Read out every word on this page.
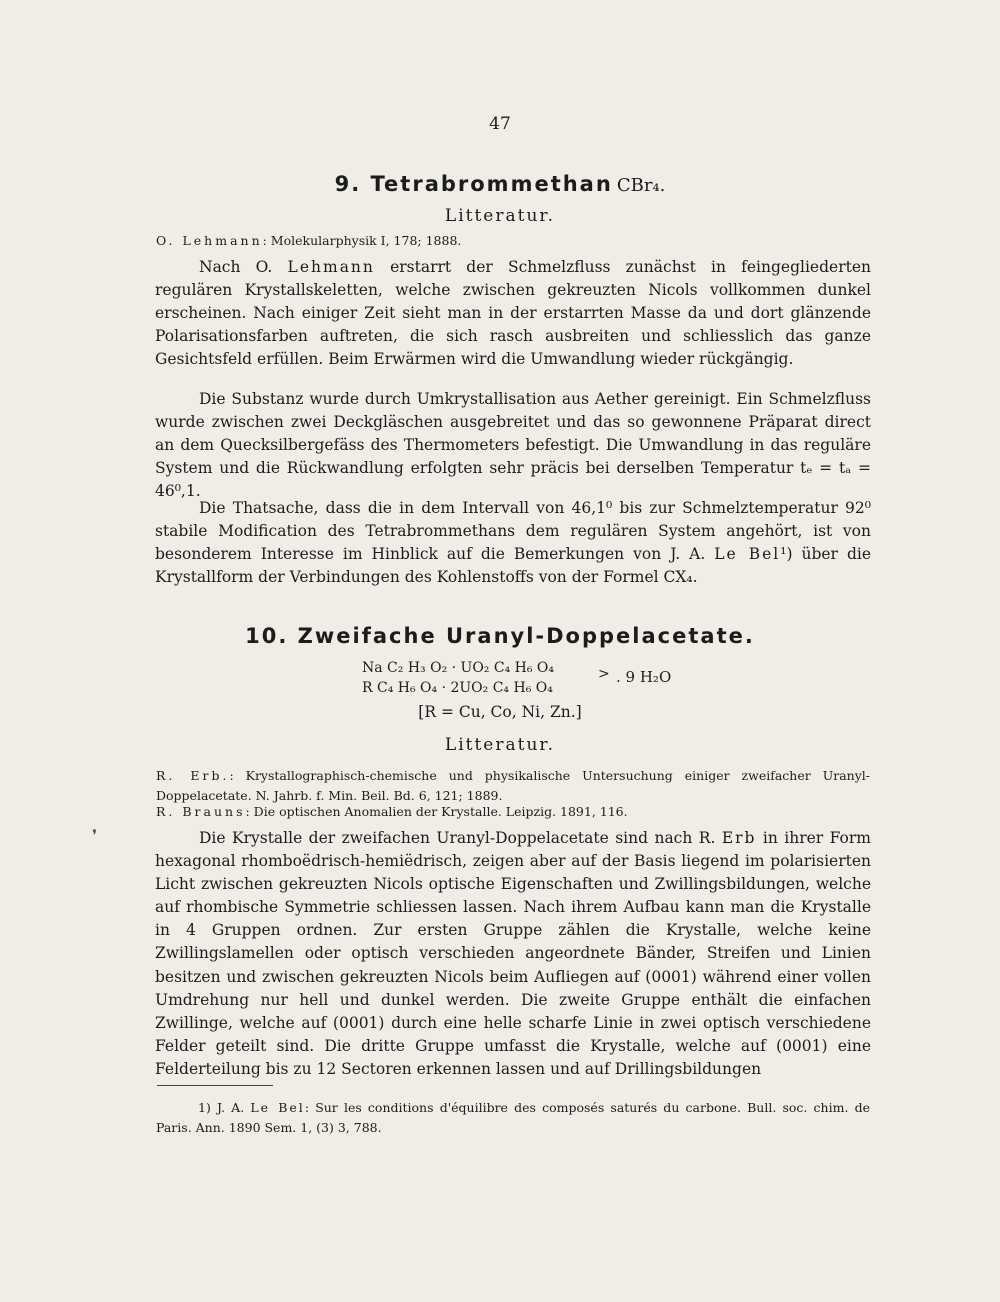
47
9. Tetrabrommethan CBr₄.
Litteratur.
O. Lehmann: Molekularphysik I, 178; 1888.
Nach O. Lehmann erstarrt der Schmelzfluss zunächst in feingegliederten regulären Krystallskeletten, welche zwischen gekreuzten Nicols vollkommen dunkel erscheinen. Nach einiger Zeit sieht man in der erstarrten Masse da und dort glänzende Polarisationsfarben auftreten, die sich rasch ausbreiten und schliesslich das ganze Gesichtsfeld erfüllen. Beim Erwärmen wird die Umwandlung wieder rückgängig.
Die Substanz wurde durch Umkrystallisation aus Aether gereinigt. Ein Schmelzfluss wurde zwischen zwei Deckgläschen ausgebreitet und das so gewonnene Präparat direct an dem Quecksilbergefäss des Thermometers befestigt. Die Umwandlung in das reguläre System und die Rückwandlung erfolgten sehr präcis bei derselben Temperatur tₑ = tₐ = 46⁰,1.
Die Thatsache, dass die in dem Intervall von 46,1⁰ bis zur Schmelztemperatur 92⁰ stabile Modification des Tetrabrommethans dem regulären System angehört, ist von besonderem Interesse im Hinblick auf die Bemerkungen von J. A. Le Bel¹) über die Krystallform der Verbindungen des Kohlenstoffs von der Formel CX₄.
10. Zweifache Uranyl-Doppelacetate.
Na C₂ H₃ O₂ · UO₂ C₄ H₆ O₄
R C₄ H₆ O₄ · 2UO₂ C₄ H₆ O₄
> . 9 H₂O
[R = Cu, Co, Ni, Zn.]
Litteratur.
R. Erb.: Krystallographisch-chemische und physikalische Untersuchung einiger zweifacher Uranyl-Doppelacetate. N. Jahrb. f. Min. Beil. Bd. 6, 121; 1889.
R. Brauns: Die optischen Anomalien der Krystalle. Leipzig. 1891, 116.
❜	Die Krystalle der zweifachen Uranyl-Doppelacetate sind nach R. Erb in ihrer Form hexagonal rhomboëdrisch-hemiëdrisch, zeigen aber auf der Basis liegend im polarisierten Licht zwischen gekreuzten Nicols optische Eigenschaften und Zwillingsbildungen, welche auf rhombische Symmetrie schliessen lassen. Nach ihrem Aufbau kann man die Krystalle in 4 Gruppen ordnen. Zur ersten Gruppe zählen die Krystalle, welche keine Zwillingslamellen oder optisch verschieden angeordnete Bänder, Streifen und Linien besitzen und zwischen gekreuzten Nicols beim Aufliegen auf (0001) während einer vollen Umdrehung nur hell und dunkel werden. Die zweite Gruppe enthält die einfachen Zwillinge, welche auf (0001) durch eine helle scharfe Linie in zwei optisch verschiedene Felder geteilt sind. Die dritte Gruppe umfasst die Krystalle, welche auf (0001) eine Felderteilung bis zu 12 Sectoren erkennen lassen und auf Drillingsbildungen
1) J. A. Le Bel: Sur les conditions d'équilibre des composés saturés du carbone. Bull. soc. chim. de Paris. Ann. 1890 Sem. 1, (3) 3, 788.
